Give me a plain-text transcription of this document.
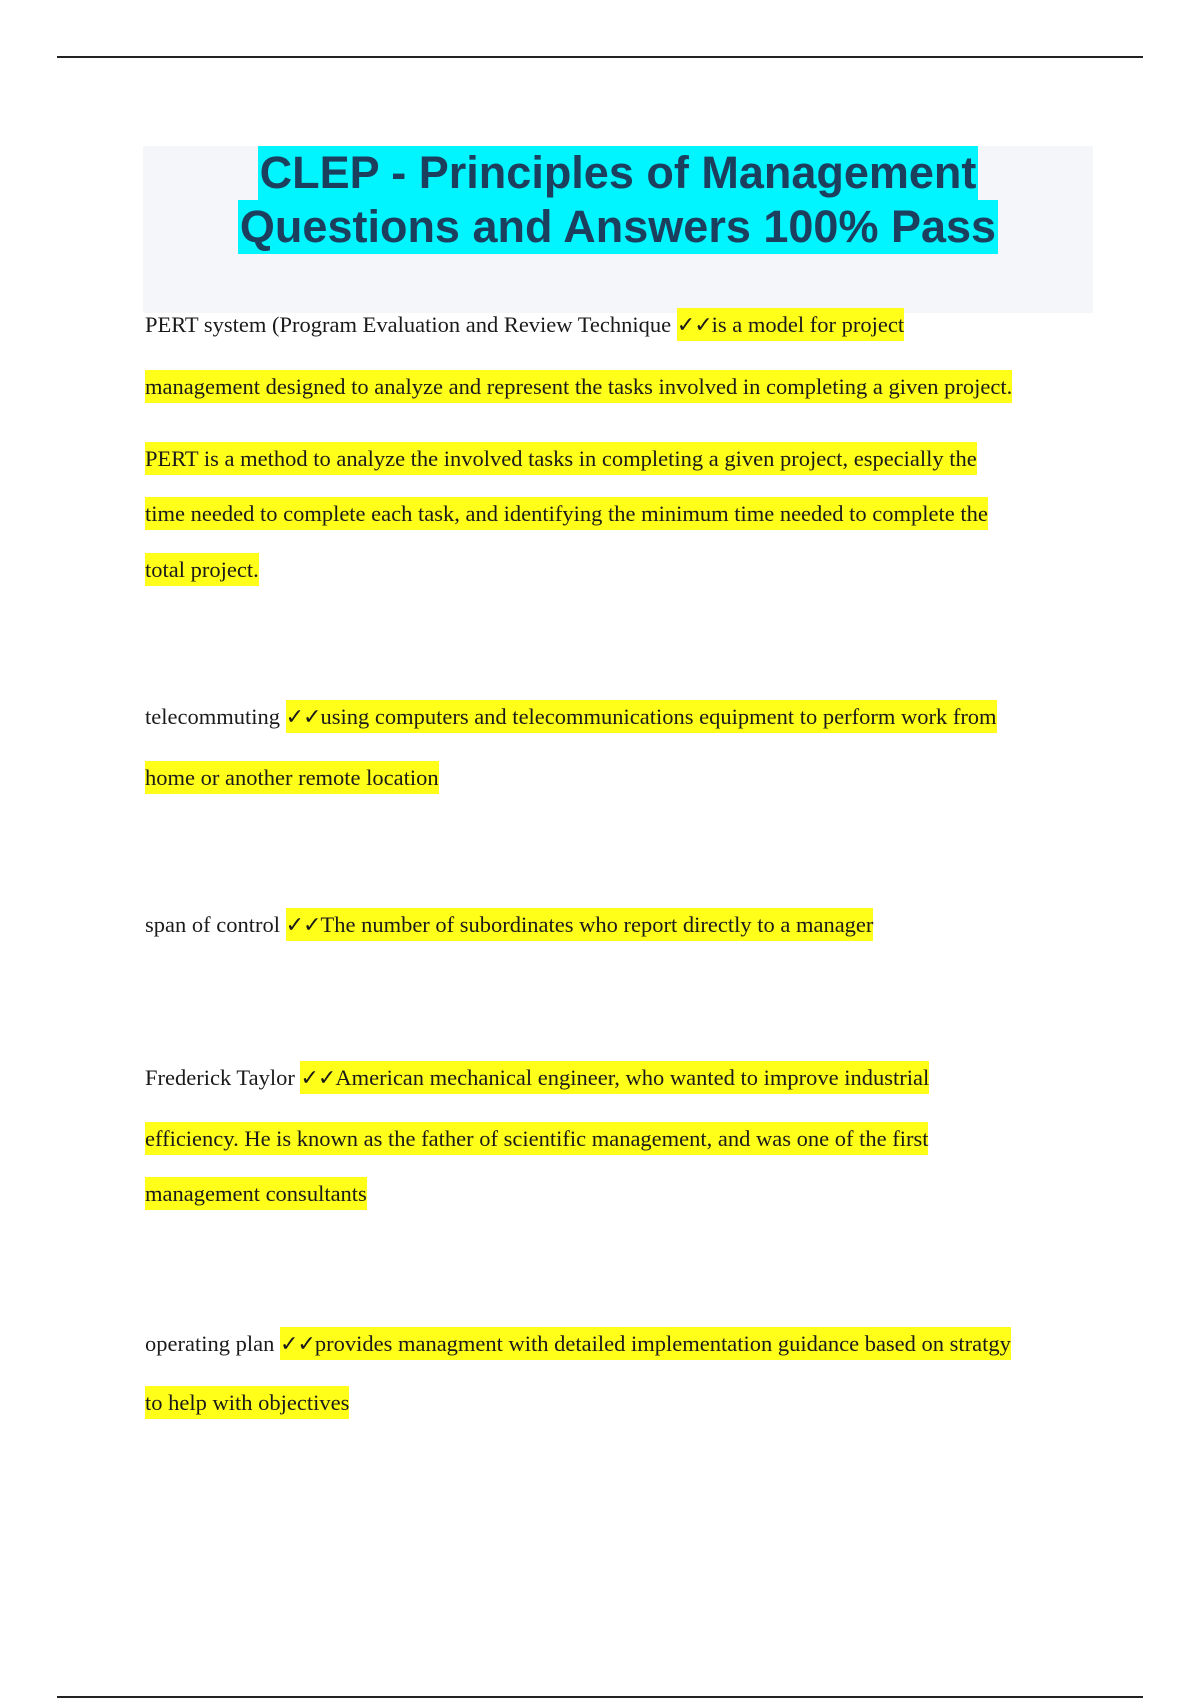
CLEP - Principles of Management
Questions and Answers 100% Pass
PERT system (Program Evaluation and Review Technique ✓✓is a model for project
management designed to analyze and represent the tasks involved in completing a given project.
PERT is a method to analyze the involved tasks in completing a given project, especially the
time needed to complete each task, and identifying the minimum time needed to complete the
total project.
telecommuting ✓✓using computers and telecommunications equipment to perform work from
home or another remote location
span of control ✓✓The number of subordinates who report directly to a manager
Frederick Taylor ✓✓American mechanical engineer, who wanted to improve industrial
efficiency. He is known as the father of scientific management, and was one of the first
management consultants
operating plan ✓✓provides managment with detailed implementation guidance based on stratgy
to help with objectives
